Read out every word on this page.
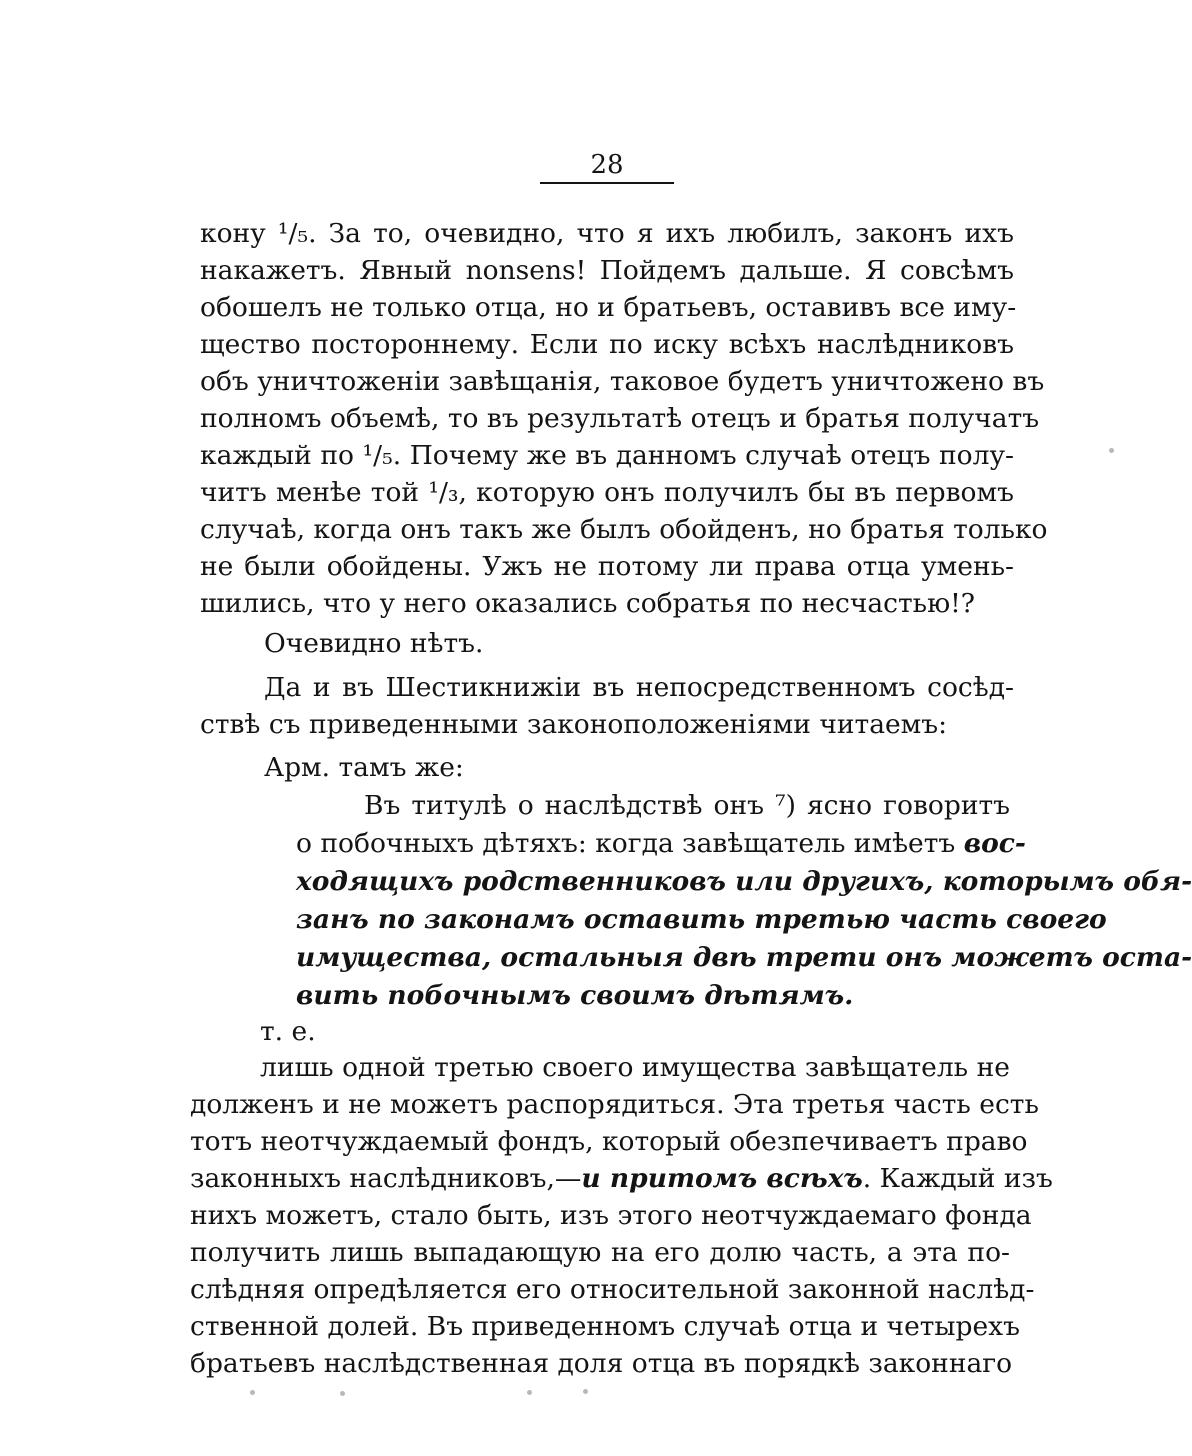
28
кону ¹/₅. За то, очевидно, что я ихъ любилъ, законъ ихъ
накажетъ. Явный nonsens! Пойдемъ дальше. Я совсѣмъ
обошелъ не только отца, но и братьевъ, оставивъ все иму-
щество постороннему. Если по иску всѣхъ наслѣдниковъ
объ уничтоженіи завѣщанія, таковое будетъ уничтожено въ
полномъ объемѣ, то въ результатѣ отецъ и братья получатъ
каждый по ¹/₅. Почему же въ данномъ случаѣ отецъ полу-
читъ менѣе той ¹/₃, которую онъ получилъ бы въ первомъ
случаѣ, когда онъ такъ же былъ обойденъ, но братья только
не были обойдены. Ужъ не потому ли права отца умень-
шились, что у него оказались собратья по несчастью!?
Очевидно нѣтъ.
Да и въ Шестикнижіи въ непосредственномъ сосѣд-
ствѣ съ приведенными законоположеніями читаемъ:
Арм. тамъ же:
Въ титулѣ о наслѣдствѣ онъ ⁷) ясно говоритъ
о побочныхъ дѣтяхъ: когда завѣщатель имѣетъ вос-
ходящихъ родственниковъ или другихъ, которымъ обя-
занъ по законамъ оставить третью часть своего
имущества, остальныя двѣ трети онъ можетъ оста-
вить побочнымъ своимъ дѣтямъ.
т. е.
лишь одной третью своего имущества завѣщатель не
долженъ и не можетъ распорядиться. Эта третья часть есть
тотъ неотчуждаемый фондъ, который обезпечиваетъ право
законныхъ наслѣдниковъ,—и притомъ всѣхъ. Каждый изъ
нихъ можетъ, стало быть, изъ этого неотчуждаемаго фонда
получить лишь выпадающую на его долю часть, а эта по-
слѣдняя опредѣляется его относительной законной наслѣд-
ственной долей. Въ приведенномъ случаѣ отца и четырехъ
братьевъ наслѣдственная доля отца въ порядкѣ законнаго
